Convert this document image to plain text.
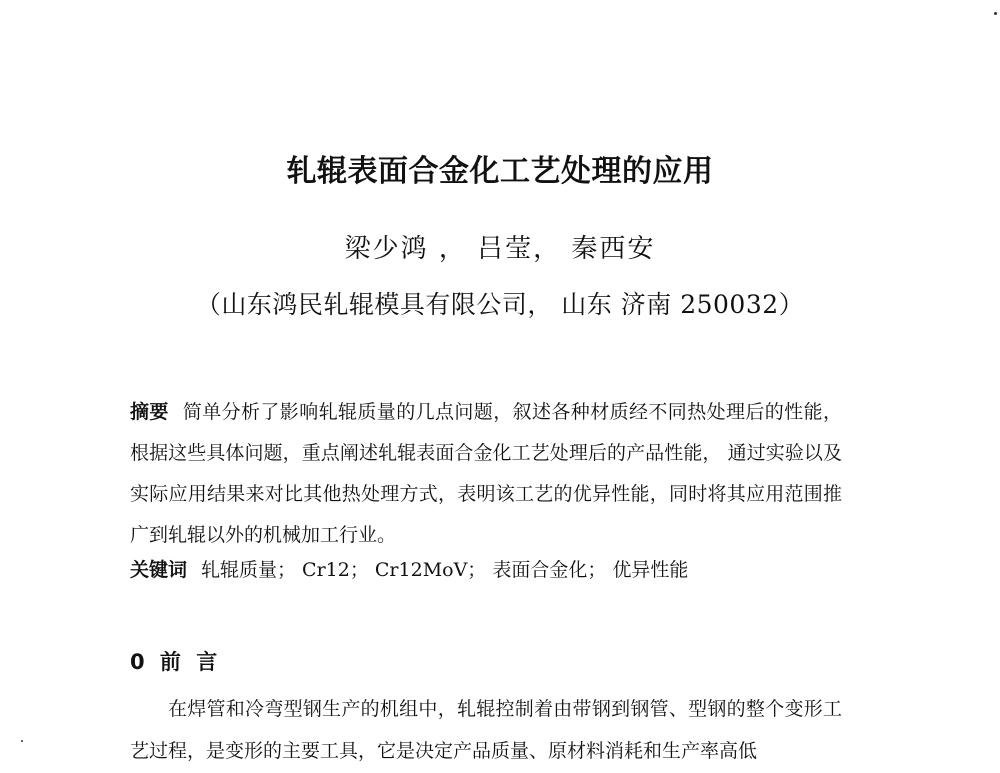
轧辊表面合金化工艺处理的应用
梁少鸿 ， 吕莹， 秦西安
（山东鸿民轧辊模具有限公司， 山东 济南 250032）
摘要 简单分析了影响轧辊质量的几点问题，叙述各种材质经不同热处理后的性能，根据这些具体问题，重点阐述轧辊表面合金化工艺处理后的产品性能， 通过实验以及实际应用结果来对比其他热处理方式，表明该工艺的优异性能，同时将其应用范围推广到轧辊以外的机械加工行业。
关键词 轧辊质量； Cr12； Cr12MoV； 表面合金化； 优异性能
0 前 言
在焊管和冷弯型钢生产的机组中，轧辊控制着由带钢到钢管、型钢的整个变形工艺过程，是变形的主要工具，它是决定产品质量、原材料消耗和生产率高低
